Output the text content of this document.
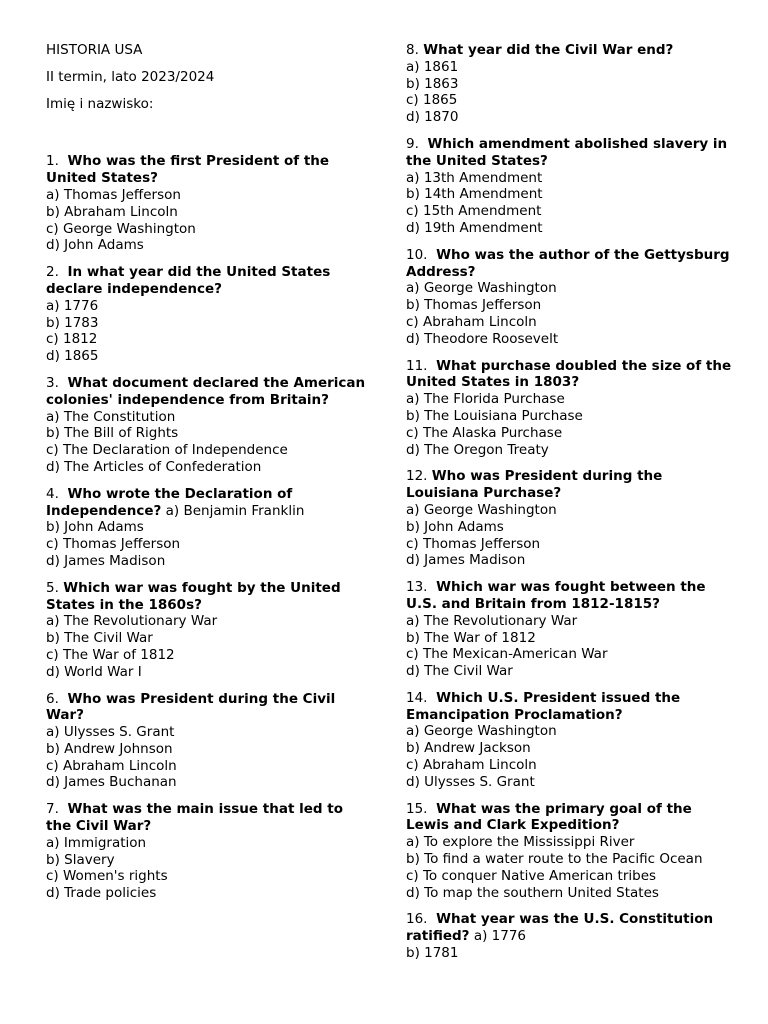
HISTORIA USA
II termin, lato 2023/2024
Imię i nazwisko:

1. Who was the first President of the United States?

a) Thomas Jefferson
b) Abraham Lincoln
c) George Washington
d) John Adams

2. In what year did the United States declare independence?

a) 1776
b) 1783
c) 1812
d) 1865

3. What document declared the American colonies' independence from Britain?

a) The Constitution
b) The Bill of Rights
c) The Declaration of Independence
d) The Articles of Confederation

4. Who wrote the Declaration of Independence? a) Benjamin Franklin

b) John Adams
c) Thomas Jefferson
d) James Madison

5. Which war was fought by the United States in the 1860s?

a) The Revolutionary War
b) The Civil War
c) The War of 1812
d) World War I

6. Who was President during the Civil War?

a) Ulysses S. Grant
b) Andrew Johnson
c) Abraham Lincoln
d) James Buchanan

7. What was the main issue that led to the Civil War?

a) Immigration
b) Slavery
c) Women's rights
d) Trade policies

8. What year did the Civil War end?

a) 1861
b) 1863
c) 1865
d) 1870

9. Which amendment abolished slavery in the United States?

a) 13th Amendment
b) 14th Amendment
c) 15th Amendment
d) 19th Amendment

10. Who was the author of the Gettysburg Address?

a) George Washington
b) Thomas Jefferson
c) Abraham Lincoln
d) Theodore Roosevelt

11. What purchase doubled the size of the United States in 1803?

a) The Florida Purchase
b) The Louisiana Purchase
c) The Alaska Purchase
d) The Oregon Treaty

12. Who was President during the Louisiana Purchase?

a) George Washington
b) John Adams
c) Thomas Jefferson
d) James Madison

13. Which war was fought between the U.S. and Britain from 1812-1815?

a) The Revolutionary War
b) The War of 1812
c) The Mexican-American War
d) The Civil War

14. Which U.S. President issued the Emancipation Proclamation?

a) George Washington
b) Andrew Jackson
c) Abraham Lincoln
d) Ulysses S. Grant

15. What was the primary goal of the Lewis and Clark Expedition?

a) To explore the Mississippi River
b) To find a water route to the Pacific Ocean
c) To conquer Native American tribes
d) To map the southern United States

16. What year was the U.S. Constitution ratified? a) 1776

b) 1781
